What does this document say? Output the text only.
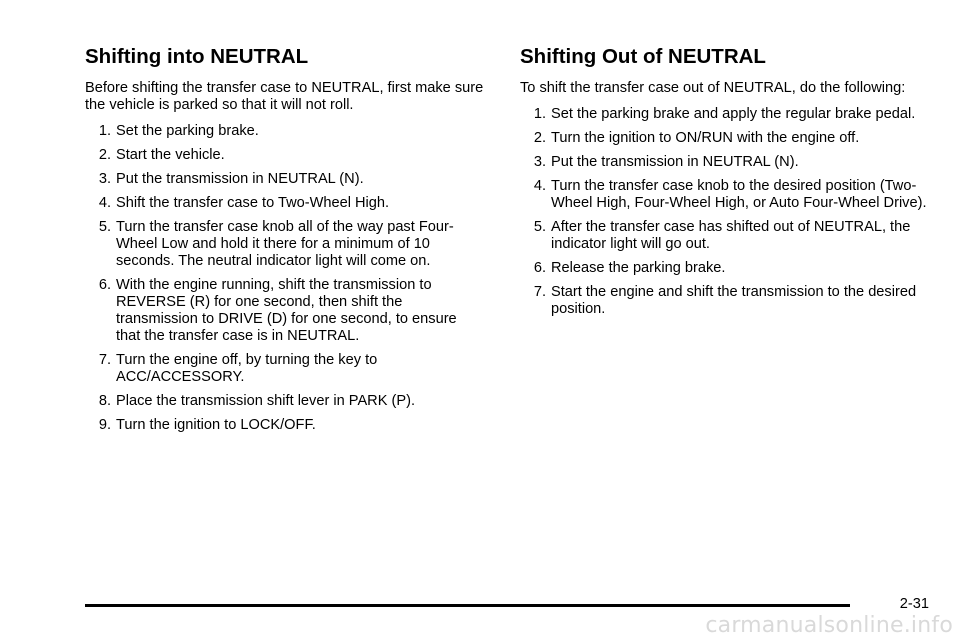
Shifting into NEUTRAL

Before shifting the transfer case to NEUTRAL, first make sure the vehicle is parked so that it will not roll.

1. Set the parking brake.
2. Start the vehicle.
3. Put the transmission in NEUTRAL (N).
4. Shift the transfer case to Two-Wheel High.
5. Turn the transfer case knob all of the way past Four-Wheel Low and hold it there for a minimum of 10 seconds. The neutral indicator light will come on.
6. With the engine running, shift the transmission to REVERSE (R) for one second, then shift the transmission to DRIVE (D) for one second, to ensure that the transfer case is in NEUTRAL.
7. Turn the engine off, by turning the key to ACC/ACCESSORY.
8. Place the transmission shift lever in PARK (P).
9. Turn the ignition to LOCK/OFF.
Shifting Out of NEUTRAL

To shift the transfer case out of NEUTRAL, do the following:

1. Set the parking brake and apply the regular brake pedal.
2. Turn the ignition to ON/RUN with the engine off.
3. Put the transmission in NEUTRAL (N).
4. Turn the transfer case knob to the desired position (Two-Wheel High, Four-Wheel High, or Auto Four-Wheel Drive).
5. After the transfer case has shifted out of NEUTRAL, the indicator light will go out.
6. Release the parking brake.
7. Start the engine and shift the transmission to the desired position.
2-31
carmanualsonline.info
